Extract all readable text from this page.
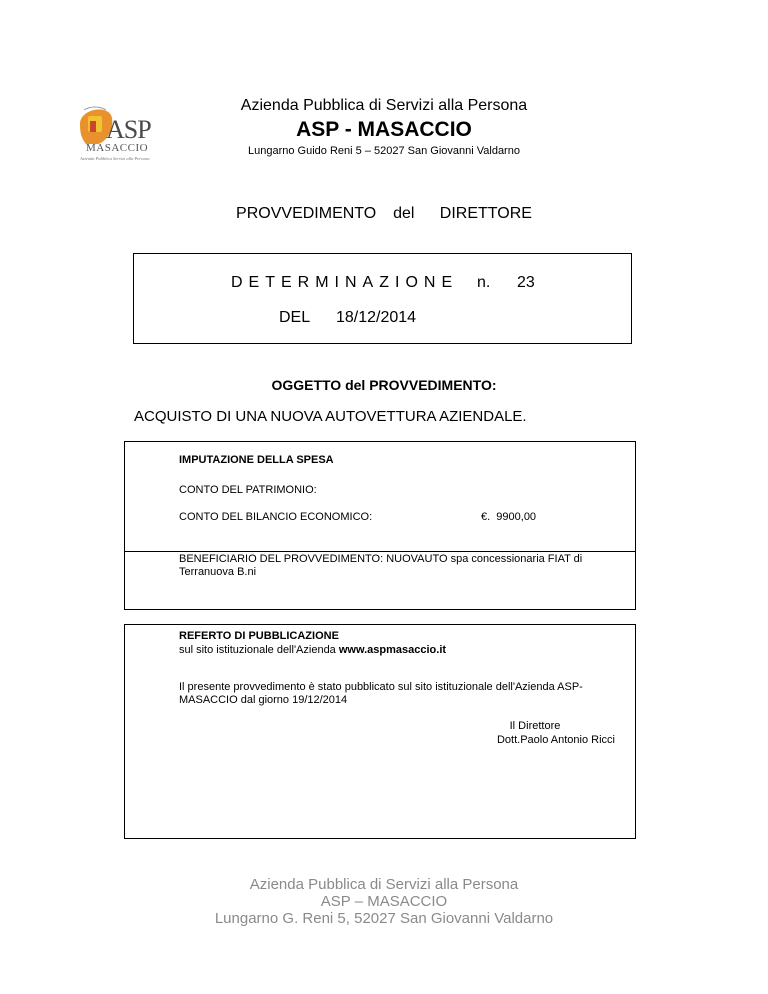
ASP
MASACCIO
Azienda Pubblica Servizi alla Persona
Azienda Pubblica di Servizi alla Persona
ASP - MASACCIO
Lungarno Guido Reni 5 – 52027 San Giovanni Valdarno
PROVVEDIMENTO  del   DIRETTORE
DETERMINAZIONE n. 23
DEL 18/12/2014
OGGETTO del PROVVEDIMENTO:
ACQUISTO DI UNA NUOVA AUTOVETTURA AZIENDALE.
IMPUTAZIONE DELLA SPESA
CONTO DEL PATRIMONIO:
CONTO DEL BILANCIO ECONOMICO:	€.  9900,00
BENEFICIARIO DEL PROVVEDIMENTO: NUOVAUTO spa concessionaria FIAT di Terranuova B.ni
REFERTO DI PUBBLICAZIONE
sul sito istituzionale dell'Azienda www.aspmasaccio.it
Il presente provvedimento è stato pubblicato sul sito istituzionale dell'Azienda ASP-MASACCIO dal giorno 19/12/2014
Il Direttore
Dott.Paolo Antonio Ricci
Azienda Pubblica di Servizi alla Persona
ASP – MASACCIO
Lungarno G. Reni 5, 52027 San Giovanni Valdarno
